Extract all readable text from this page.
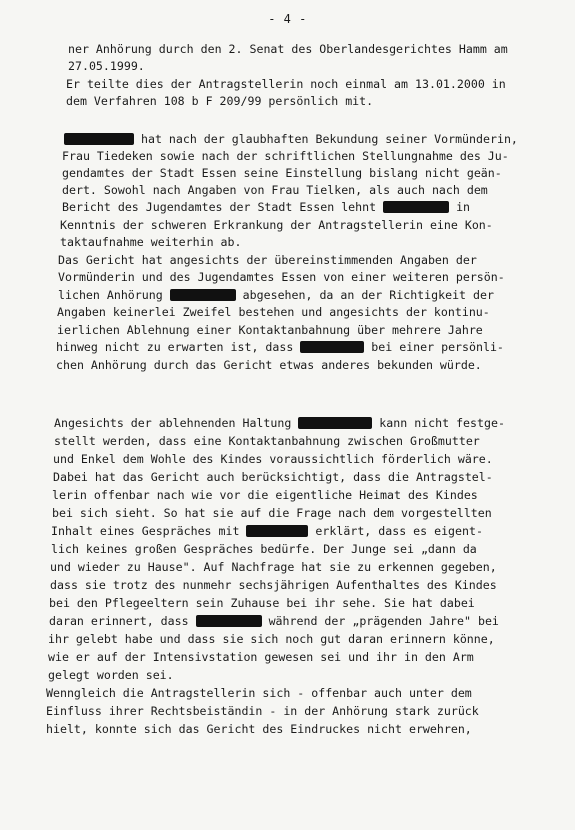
- 4 -
ner Anhörung durch den 2. Senat des Oberlandesgerichtes Hamm am
27.05.1999.
Er teilte dies der Antragstellerin noch einmal am 13.01.2000 in
dem Verfahren 108 b F 209/99 persönlich mit.
hat nach der glaubhaften Bekundung seiner Vormünderin,
Frau Tiedeken sowie nach der schriftlichen Stellungnahme des Ju-
gendamtes der Stadt Essen seine Einstellung bislang nicht geän-
dert. Sowohl nach Angaben von Frau Tielken, als auch nach dem
Bericht des Jugendamtes der Stadt Essen lehnt	in
Kenntnis der schweren Erkrankung der Antragstellerin eine Kon-
taktaufnahme weiterhin ab.
Das Gericht hat angesichts der übereinstimmenden Angaben der
Vormünderin und des Jugendamtes Essen von einer weiteren persön-
lichen Anhörung	abgesehen, da an der Richtigkeit der
Angaben keinerlei Zweifel bestehen und angesichts der kontinu-
ierlichen Ablehnung einer Kontaktanbahnung über mehrere Jahre
hinweg nicht zu erwarten ist, dass	bei einer persönli-
chen Anhörung durch das Gericht etwas anderes bekunden würde.
Angesichts der ablehnenden Haltung	kann nicht festge-
stellt werden, dass eine Kontaktanbahnung zwischen Großmutter
und Enkel dem Wohle des Kindes voraussichtlich förderlich wäre.
Dabei hat das Gericht auch berücksichtigt, dass die Antragstel-
lerin offenbar nach wie vor die eigentliche Heimat des Kindes
bei sich sieht. So hat sie auf die Frage nach dem vorgestellten
Inhalt eines Gespräches mit	erklärt, dass es eigent-
lich keines großen Gespräches bedürfe. Der Junge sei „dann da
und wieder zu Hause". Auf Nachfrage hat sie zu erkennen gegeben,
dass sie trotz des nunmehr sechsjährigen Aufenthaltes des Kindes
bei den Pflegeeltern sein Zuhause bei ihr sehe. Sie hat dabei
daran erinnert, dass	während der „prägenden Jahre" bei
ihr gelebt habe und dass sie sich noch gut daran erinnern könne,
wie er auf der Intensivstation gewesen sei und ihr in den Arm
gelegt worden sei.
Wenngleich die Antragstellerin sich - offenbar auch unter dem
Einfluss ihrer Rechtsbeiständin - in der Anhörung stark zurück
hielt, konnte sich das Gericht des Eindruckes nicht erwehren,
